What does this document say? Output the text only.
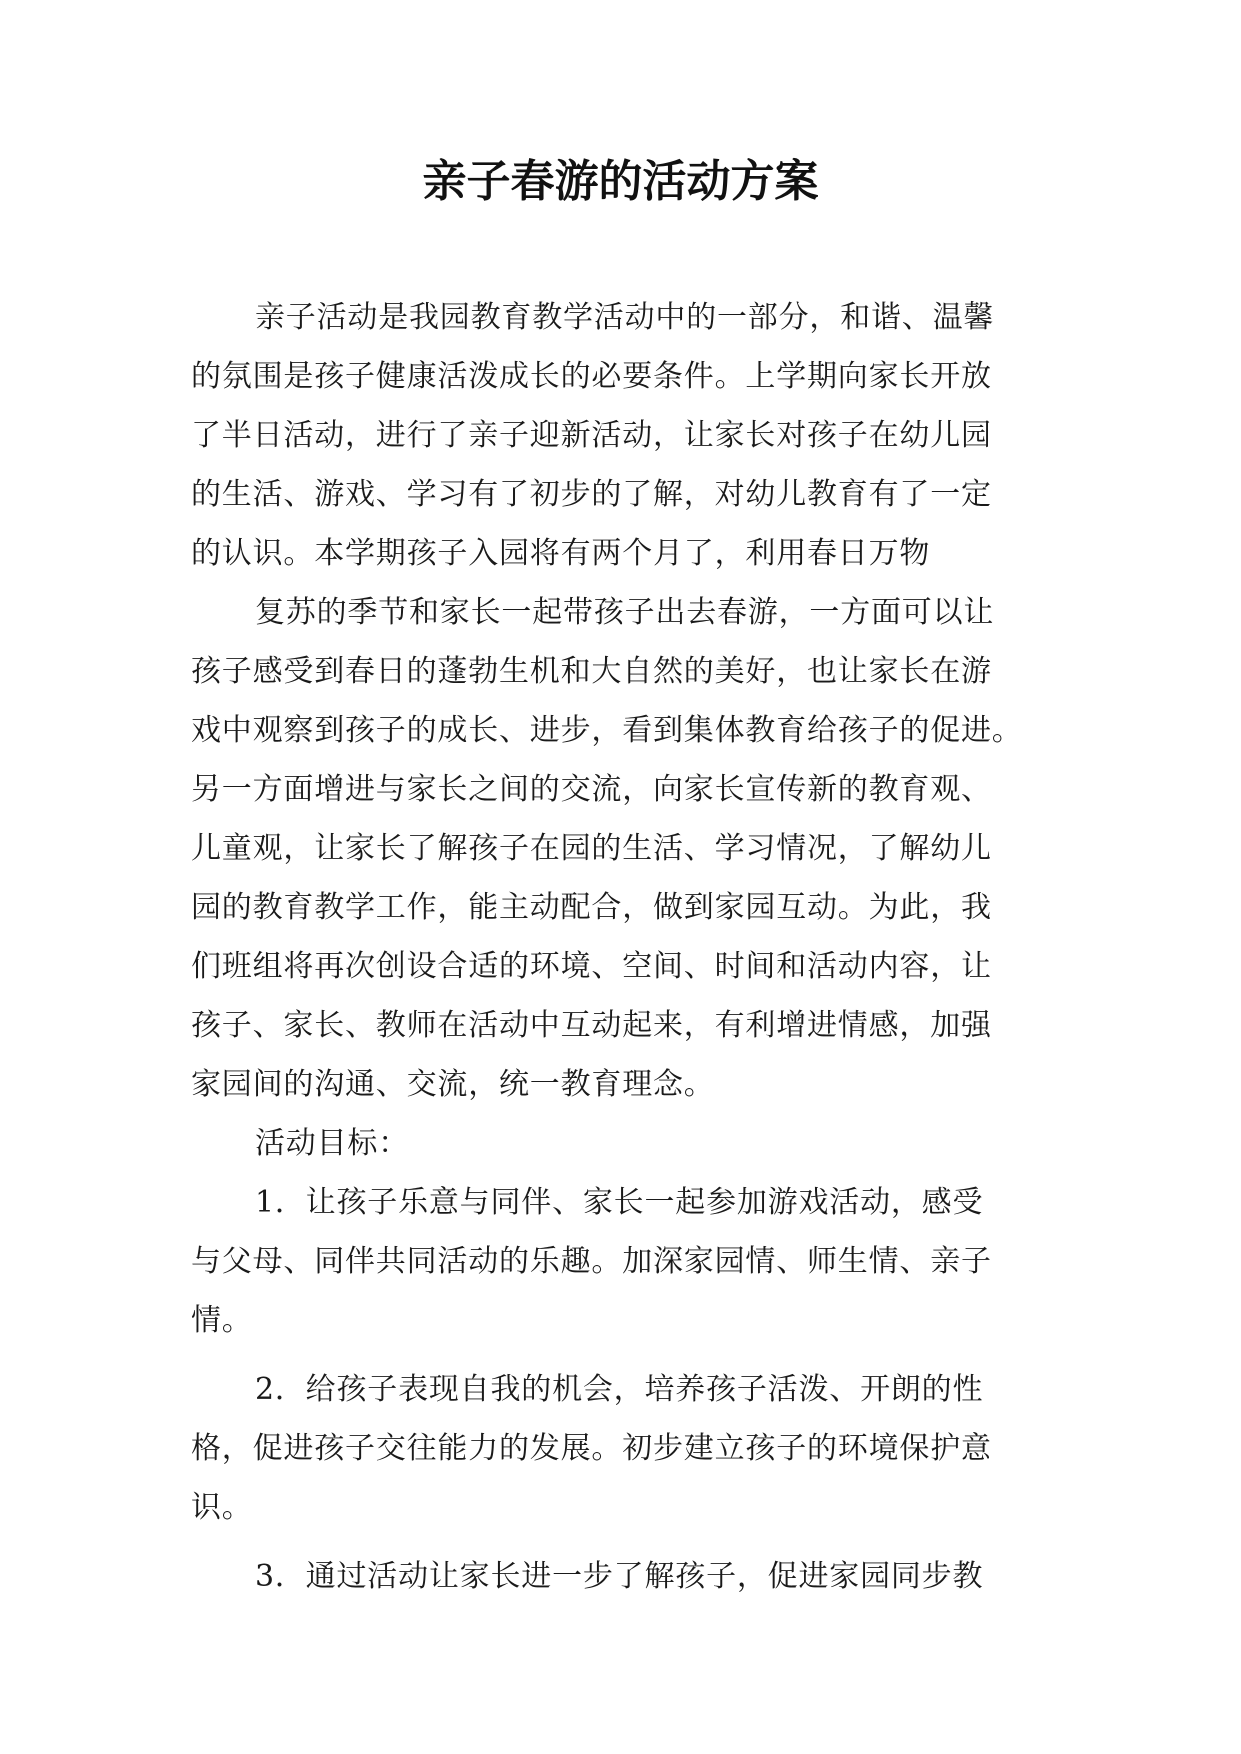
亲子春游的活动方案
亲子活动是我园教育教学活动中的一部分，和谐、温馨
的氛围是孩子健康活泼成长的必要条件。上学期向家长开放
了半日活动，进行了亲子迎新活动，让家长对孩子在幼儿园
的生活、游戏、学习有了初步的了解，对幼儿教育有了一定
的认识。本学期孩子入园将有两个月了，利用春日万物
复苏的季节和家长一起带孩子出去春游，一方面可以让
孩子感受到春日的蓬勃生机和大自然的美好，也让家长在游
戏中观察到孩子的成长、进步，看到集体教育给孩子的促进。
另一方面增进与家长之间的交流，向家长宣传新的教育观、
儿童观，让家长了解孩子在园的生活、学习情况，了解幼儿
园的教育教学工作，能主动配合，做到家园互动。为此，我
们班组将再次创设合适的环境、空间、时间和活动内容，让
孩子、家长、教师在活动中互动起来，有利增进情感，加强
家园间的沟通、交流，统一教育理念。
活动目标：
1．让孩子乐意与同伴、家长一起参加游戏活动，感受
与父母、同伴共同活动的乐趣。加深家园情、师生情、亲子
情。
2．给孩子表现自我的机会，培养孩子活泼、开朗的性
格，促进孩子交往能力的发展。初步建立孩子的环境保护意
识。
3．通过活动让家长进一步了解孩子，促进家园同步教
